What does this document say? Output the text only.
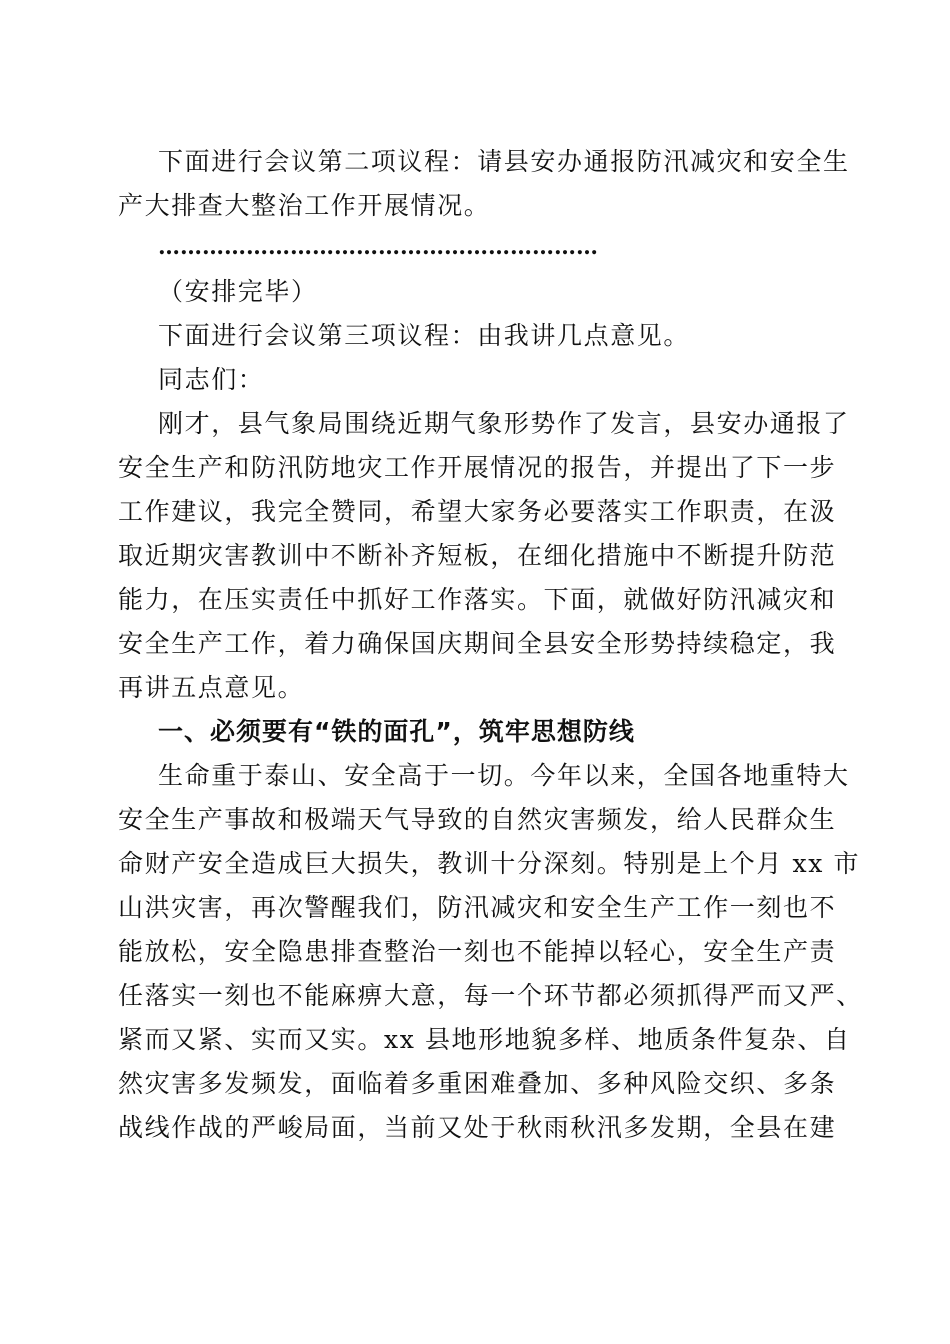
下面进行会议第二项议程：请县安办通报防汛减灾和安全生
产大排查大整治工作开展情况。
……………………………………………………
（安排完毕）
下面进行会议第三项议程：由我讲几点意见。
同志们：
刚才，县气象局围绕近期气象形势作了发言，县安办通报了
安全生产和防汛防地灾工作开展情况的报告，并提出了下一步
工作建议，我完全赞同，希望大家务必要落实工作职责，在汲
取近期灾害教训中不断补齐短板，在细化措施中不断提升防范
能力，在压实责任中抓好工作落实。下面，就做好防汛减灾和
安全生产工作，着力确保国庆期间全县安全形势持续稳定，我
再讲五点意见。
一、必须要有“铁的面孔”，筑牢思想防线
生命重于泰山、安全高于一切。今年以来，全国各地重特大
安全生产事故和极端天气导致的自然灾害频发，给人民群众生
命财产安全造成巨大损失，教训十分深刻。特别是上个月 xx 市
山洪灾害，再次警醒我们，防汛减灾和安全生产工作一刻也不
能放松，安全隐患排查整治一刻也不能掉以轻心，安全生产责
任落实一刻也不能麻痹大意，每一个环节都必须抓得严而又严、
紧而又紧、实而又实。xx 县地形地貌多样、地质条件复杂、自
然灾害多发频发，面临着多重困难叠加、多种风险交织、多条
战线作战的严峻局面，当前又处于秋雨秋汛多发期，全县在建
